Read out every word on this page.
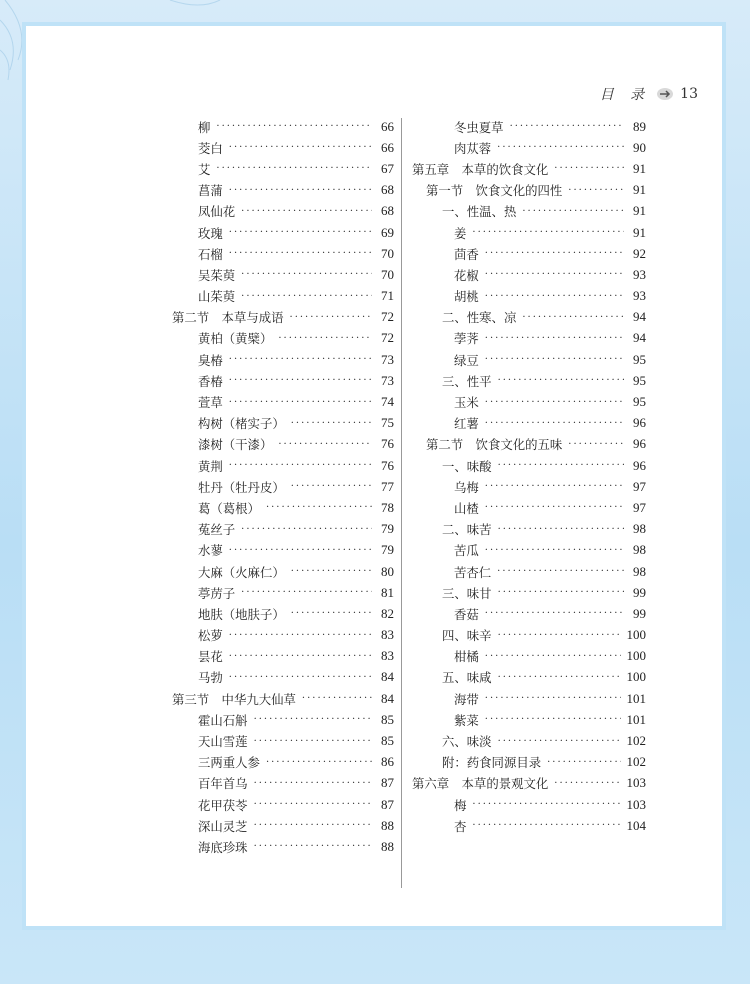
目 录 13
柳 ·····	66
茭白 ·····	66
艾 ·····	67
菖蒲 ·····	68
凤仙花 ·····	68
玫瑰 ·····	69
石榴 ·····	70
吴茱萸 ·····	70
山茱萸 ·····	71
第二节　本草与成语 ·····	72
黄柏（黄檗） ·····	72
臭椿 ·····	73
香椿 ·····	73
萱草 ·····	74
构树（楮实子） ·····	75
漆树（干漆） ·····	76
黄荆 ·····	76
牡丹（牡丹皮） ·····	77
葛（葛根） ·····	78
菟丝子 ·····	79
水蓼 ·····	79
大麻（火麻仁） ·····	80
葶苈子 ·····	81
地肤（地肤子） ·····	82
松萝 ·····	83
昙花 ·····	83
马勃 ·····	84
第三节　中华九大仙草 ·····	84
霍山石斛 ·····	85
天山雪莲 ·····	85
三两重人参 ·····	86
百年首乌 ·····	87
花甲茯苓 ·····	87
深山灵芝 ·····	88
海底珍珠 ·····	88
冬虫夏草 ·····	89
肉苁蓉 ·····	90
第五章　本草的饮食文化 ·····	91
第一节　饮食文化的四性 ·····	91
一、性温、热 ·····	91
姜 ·····	91
茴香 ·····	92
花椒 ·····	93
胡桃 ·····	93
二、性寒、凉 ·····	94
荸荠 ·····	94
绿豆 ·····	95
三、性平 ·····	95
玉米 ·····	95
红薯 ·····	96
第二节　饮食文化的五味 ·····	96
一、味酸 ·····	96
乌梅 ·····	97
山楂 ·····	97
二、味苦 ·····	98
苦瓜 ·····	98
苦杏仁 ·····	98
三、味甘 ·····	99
香菇 ·····	99
四、味辛 ·····	100
柑橘 ·····	100
五、味咸 ·····	100
海带 ·····	101
紫菜 ·····	101
六、味淡 ·····	102
附：药食同源目录 ·····	102
第六章　本草的景观文化 ·····	103
梅 ·····	103
杏 ·····	104
